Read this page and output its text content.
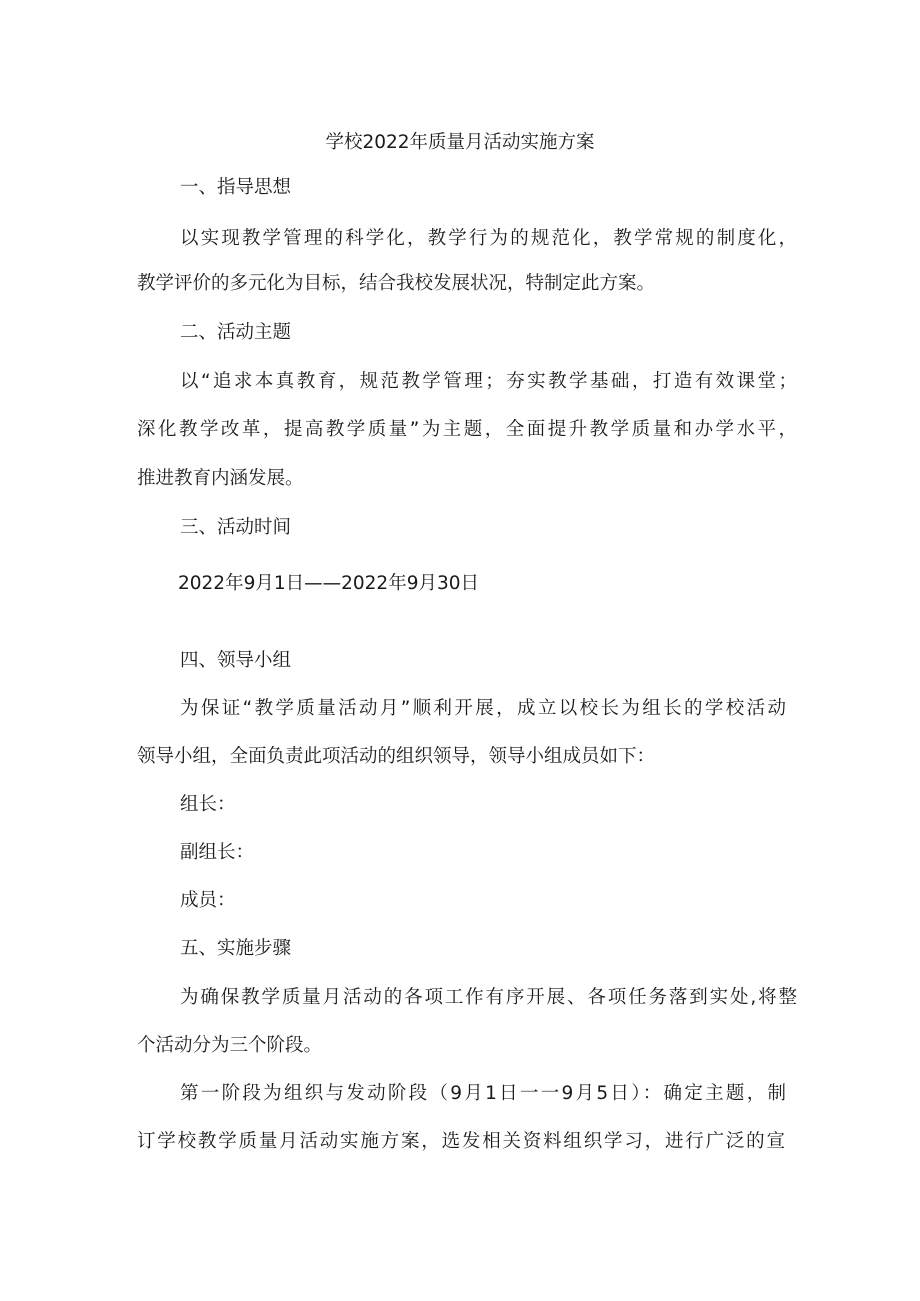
学校2022年质量月活动实施方案
一、指导思想
以实现教学管理的科学化，教学行为的规范化，教学常规的制度化，
教学评价的多元化为目标，结合我校发展状况，特制定此方案。
二、活动主题
以“追求本真教育，规范教学管理；夯实教学基础，打造有效课堂；
深化教学改革，提高教学质量”为主题，全面提升教学质量和办学水平，
推进教育内涵发展。
三、活动时间
2022年9月1日——2022年9月30日
四、领导小组
为保证“教学质量活动月”顺利开展，成立以校长为组长的学校活动
领导小组，全面负责此项活动的组织领导，领导小组成员如下：
组长：
副组长：
成员：
五、实施步骤
为确保教学质量月活动的各项工作有序开展、各项任务落到实处,将整
个活动分为三个阶段。
第一阶段为组织与发动阶段（9月1日一一9月5日）：确定主题，制
订学校教学质量月活动实施方案，选发相关资料组织学习，进行广泛的宣
